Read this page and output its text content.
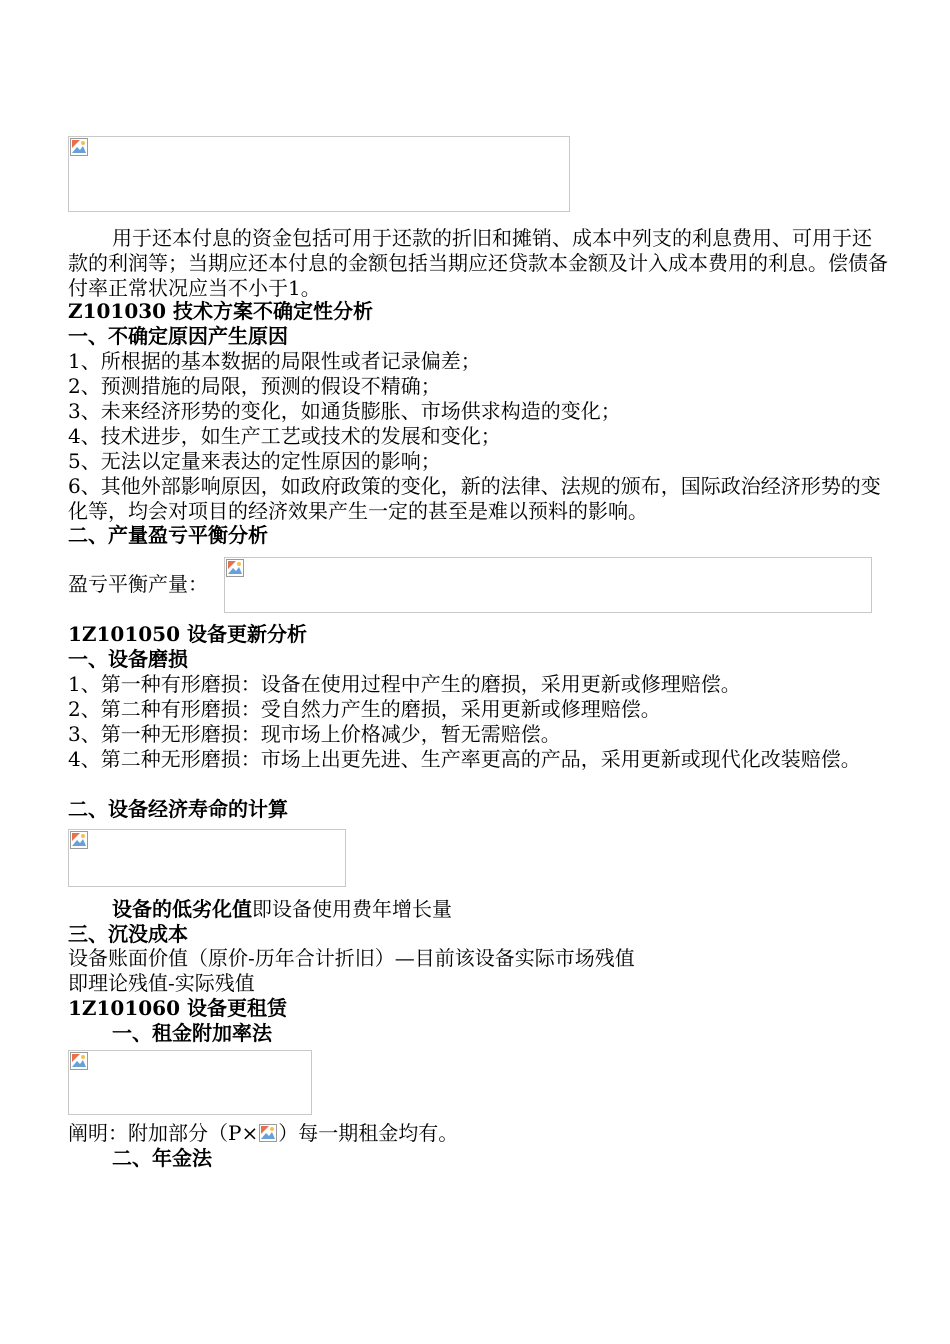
用于还本付息的资金包括可用于还款的折旧和摊销、成本中列支的利息费用、可用于还款的利润等；当期应还本付息的金额包括当期应还贷款本金额及计入成本费用的利息。偿债备付率正常状况应当不小于1。
Z101030 技术方案不确定性分析
一、不确定原因产生原因
1、所根据的基本数据的局限性或者记录偏差；
2、预测措施的局限，预测的假设不精确；
3、未来经济形势的变化，如通货膨胀、市场供求构造的变化；
4、技术进步，如生产工艺或技术的发展和变化；
5、无法以定量来表达的定性原因的影响；
6、其他外部影响原因，如政府政策的变化，新的法律、法规的颁布，国际政治经济形势的变化等，均会对项目的经济效果产生一定的甚至是难以预料的影响。
二、产量盈亏平衡分析
盈亏平衡产量：
1Z101050 设备更新分析
一、设备磨损
1、第一种有形磨损：设备在使用过程中产生的磨损，采用更新或修理赔偿。
2、第二种有形磨损：受自然力产生的磨损，采用更新或修理赔偿。
3、第一种无形磨损：现市场上价格减少，暂无需赔偿。
4、第二种无形磨损：市场上出更先进、生产率更高的产品，采用更新或现代化改装赔偿。
二、设备经济寿命的计算
设备的低劣化值即设备使用费年增长量
三、沉没成本
设备账面价值（原价-历年合计折旧）—目前该设备实际市场残值
即理论残值-实际残值
1Z101060 设备更租赁
一、租金附加率法
阐明：附加部分（P× ）每一期租金均有。
二、年金法
